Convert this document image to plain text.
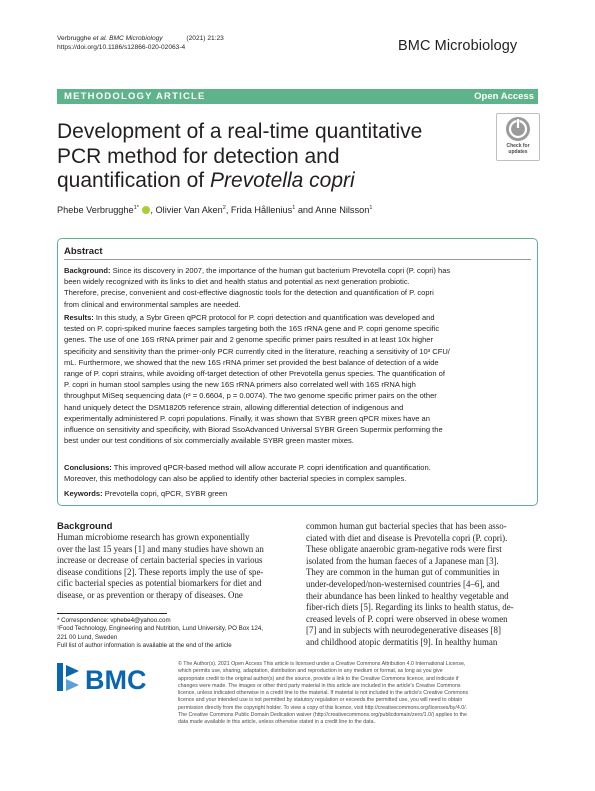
Verbrugghe et al. BMC Microbiology	(2021) 21:23
https://doi.org/10.1186/s12866-020-02063-4	BMC Microbiology
METHODOLOGY ARTICLE	Open Access
Development of a real-time quantitative
PCR method for detection and
quantification of Prevotella copri
Check for
updates
Phebe Verbrugghe$^{1*}$ , Olivier Van Aken$^2$, Frida Hållenius$^1$ and Anne Nilsson$^1$
Abstract
Background: Since its discovery in 2007, the importance of the human gut bacterium Prevotella copri (P. copri) has
been widely recognized with its links to diet and health status and potential as next generation probiotic.
Therefore, precise, convenient and cost-effective diagnostic tools for the detection and quantification of P. copri
from clinical and environmental samples are needed.
Results: In this study, a Sybr Green qPCR protocol for P. copri detection and quantification was developed and
tested on P. copri-spiked murine faeces samples targeting both the 16S rRNA gene and P. copri genome specific
genes. The use of one 16S rRNA primer pair and 2 genome specific primer pairs resulted in at least 10x higher
specificity and sensitivity than the primer-only PCR currently cited in the literature, reaching a sensitivity of 10³ CFU/
mL. Furthermore, we showed that the new 16S rRNA primer set provided the best balance of detection of a wide
range of P. copri strains, while avoiding off-target detection of other Prevotella genus species. The quantification of
P. copri in human stool samples using the new 16S rRNA primers also correlated well with 16S rRNA high
throughput MiSeq sequencing data (r² = 0.6604, p = 0.0074). The two genome specific primer pairs on the other
hand uniquely detect the DSM18205 reference strain, allowing differential detection of indigenous and
experimentally administered P. copri populations. Finally, it was shown that SYBR green qPCR mixes have an
influence on sensitivity and specificity, with Biorad SsoAdvanced Universal SYBR Green Supermix performing the
best under our test conditions of six commercially available SYBR green master mixes.
Conclusions: This improved qPCR-based method will allow accurate P. copri identification and quantification.
Moreover, this methodology can also be applied to identify other bacterial species in complex samples.
Keywords: Prevotella copri, qPCR, SYBR green
Background
Human microbiome research has grown exponentially
over the last 15 years [1] and many studies have shown an
increase or decrease of certain bacterial species in various
disease conditions [2]. These reports imply the use of spe-
cific bacterial species as potential biomarkers for diet and
disease, or as prevention or therapy of diseases. One
common human gut bacterial species that has been asso-
ciated with diet and disease is Prevotella copri (P. copri).
These obligate anaerobic gram-negative rods were first
isolated from the human faeces of a Japanese man [3].
They are common in the human gut of communities in
under-developed/non-westernised countries [4–6], and
their abundance has been linked to healthy vegetable and
fiber-rich diets [5]. Regarding its links to health status, de-
creased levels of P. copri were observed in obese women
[7] and in subjects with neurodegenerative diseases [8]
and childhood atopic dermatitis [9]. In healthy human
* Correspondence: vphebe4@yahoo.com
¹Food Technology, Engineering and Nutrition, Lund University, PO Box 124,
221 00 Lund, Sweden
Full list of author information is available at the end of the article
BMC
© The Author(s). 2021 Open Access This article is licensed under a Creative Commons Attribution 4.0 International License,
which permits use, sharing, adaptation, distribution and reproduction in any medium or format, as long as you give
appropriate credit to the original author(s) and the source, provide a link to the Creative Commons licence, and indicate if
changes were made. The images or other third party material in this article are included in the article's Creative Commons
licence, unless indicated otherwise in a credit line to the material. If material is not included in the article's Creative Commons
licence and your intended use is not permitted by statutory regulation or exceeds the permitted use, you will need to obtain
permission directly from the copyright holder. To view a copy of this licence, visit http://creativecommons.org/licenses/by/4.0/.
The Creative Commons Public Domain Dedication waiver (http://creativecommons.org/publicdomain/zero/1.0/) applies to the
data made available in this article, unless otherwise stated in a credit line to the data.
